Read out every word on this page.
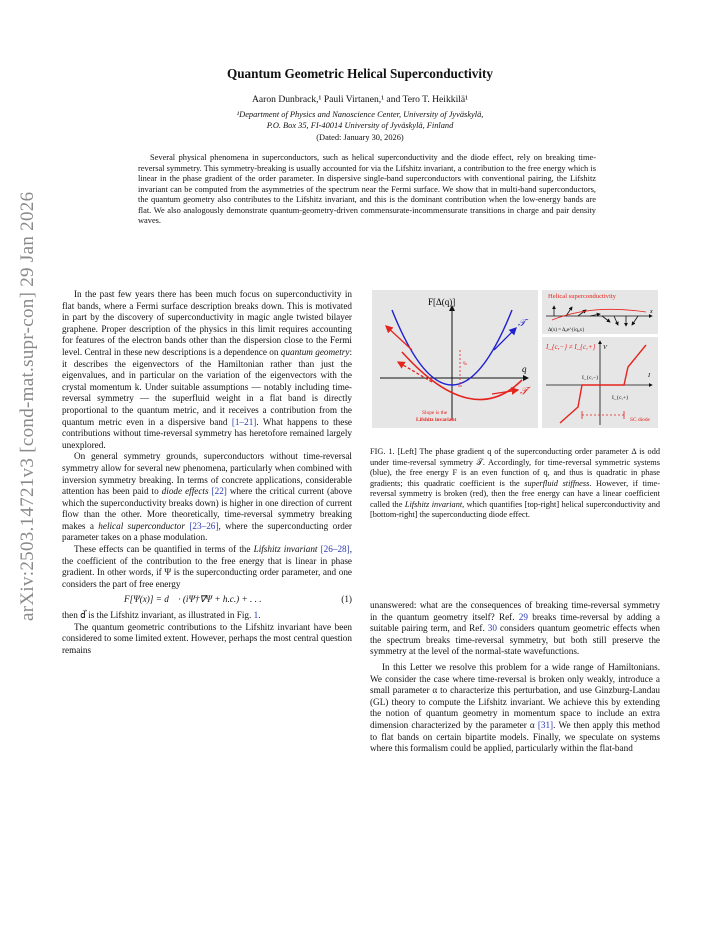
arXiv:2503.14721v3 [cond-mat.supr-con] 29 Jan 2026
Quantum Geometric Helical Superconductivity
Aaron Dunbrack,¹ Pauli Virtanen,¹ and Tero T. Heikkilä¹
¹Department of Physics and Nanoscience Center, University of Jyväskylä,
P.O. Box 35, FI-40014 University of Jyväskylä, Finland
(Dated: January 30, 2026)
Several physical phenomena in superconductors, such as helical superconductivity and the diode effect, rely on breaking time-reversal symmetry. This symmetry-breaking is usually accounted for via the Lifshitz invariant, a contribution to the free energy which is linear in the phase gradient of the order parameter. In dispersive single-band superconductors with conventional pairing, the Lifshitz invariant can be computed from the asymmetries of the spectrum near the Fermi surface. We show that in multi-band superconductors, the quantum geometry also contributes to the Lifshitz invariant, and this is the dominant contribution when the low-energy bands are flat. We also analogously demonstrate quantum-geometry-driven commensurate-incommensurate transitions in charge and pair density waves.

In the past few years there has been much focus on superconductivity in flat bands, where a Fermi surface description breaks down. This is motivated in part by the discovery of superconductivity in magic angle twisted bilayer graphene. Proper description of the physics in this limit requires accounting for features of the electron bands other than the dispersion close to the Fermi level. Central in these new descriptions is a dependence on quantum geometry: it describes the eigenvectors of the Hamiltonian rather than just the eigenvalues, and in particular on the variation of the eigenvectors with the crystal momentum k. Under suitable assumptions — notably including time-reversal symmetry — the superfluid weight in a flat band is directly proportional to the quantum metric, and it receives a contribution from the quantum metric even in a dispersive band [1–21]. What happens to these contributions without time-reversal symmetry has heretofore remained largely unexplored.

On general symmetry grounds, superconductors without time-reversal symmetry allow for several new phenomena, particularly when combined with inversion symmetry breaking. In terms of concrete applications, considerable attention has been paid to diode effects [22] where the critical current (above which the superconductivity breaks down) is higher in one direction of current flow than the other. More theoretically, time-reversal symmetry breaking makes a helical superconductor [23–26], where the superconducting order parameter takes on a phase modulation.

These effects can be quantified in terms of the Lifshitz invariant [26–28], the coefficient of the contribution to the free energy that is linear in phase gradient. In other words, if Ψ is the superconducting order parameter, and one considers the part of free energy

F[Ψ(x)] = d⃗ · (iΨ†∇⃗Ψ + h.c.) + . . .	(1)

then d⃗ is the Lifshitz invariant, as illustrated in Fig. 1.

The quantum geometric contributions to the Lifshitz invariant have been considered to some limited extent. However, perhaps the most central question remains

F[Δ(q)]
q
𝒯
𝒯̸
q₀
Slope is the
Lifshitz invariant
Helical superconductivity
x
Δ(x) = Δ₀e^{iq₀x}
I_{c,−} ≠ I_{c,+} V
I
I_{c,−}
I_{c,+}
SC diode
FIG. 1. [Left] The phase gradient q of the superconducting order parameter Δ is odd under time-reversal symmetry 𝒯. Accordingly, for time-reversal symmetric systems (blue), the free energy F is an even function of q, and thus is quadratic in phase gradients; this quadratic coefficient is the superfluid stiffness. However, if time-reversal symmetry is broken (red), then the free energy can have a linear coefficient called the Lifshitz invariant, which quantifies [top-right] helical superconductivity and [bottom-right] the superconducting diode effect.

unanswered: what are the consequences of breaking time-reversal symmetry in the quantum geometry itself? Ref. 29 breaks time-reversal by adding a suitable pairing term, and Ref. 30 considers quantum geometric effects when the spectrum breaks time-reversal symmetry, but both still preserve the symmetry at the level of the normal-state wavefunctions.

In this Letter we resolve this problem for a wide range of Hamiltonians. We consider the case where time-reversal is broken only weakly, introduce a small parameter α to characterize this perturbation, and use Ginzburg-Landau (GL) theory to compute the Lifshitz invariant. We achieve this by extending the notion of quantum geometry in momentum space to include an extra dimension characterized by the parameter α [31]. We then apply this method to flat bands on certain bipartite models. Finally, we speculate on systems where this formalism could be applied, particularly within the flat-band
